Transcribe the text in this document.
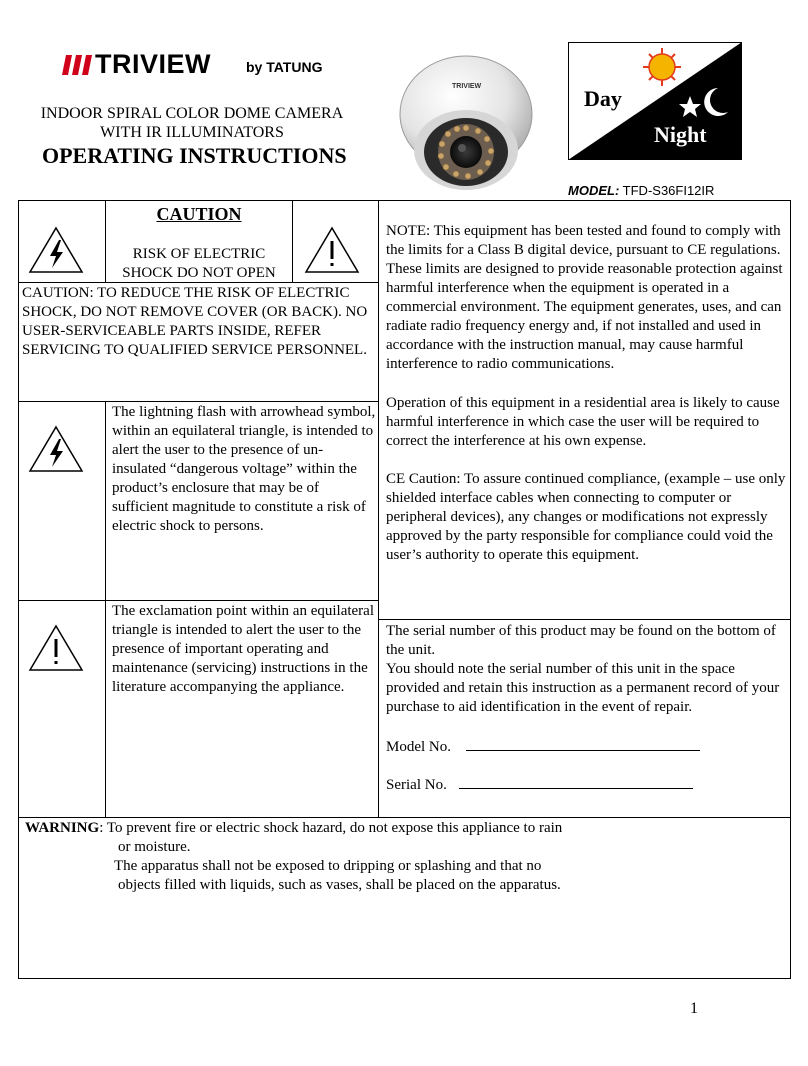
TRIVIEW	by TATUNG
INDOOR SPIRAL COLOR DOME CAMERA
WITH IR ILLUMINATORS
OPERATING INSTRUCTIONS
TRIVIEW	Day
Night
MODEL: TFD-S36FI12IR
CAUTION
RISK OF ELECTRIC SHOCK DO NOT OPEN
CAUTION: TO REDUCE THE RISK OF ELECTRIC SHOCK, DO NOT REMOVE COVER (OR BACK). NO USER-SERVICEABLE PARTS INSIDE, REFER SERVICING TO QUALIFIED SERVICE PERSONNEL.
The lightning flash with arrowhead symbol, within an equilateral triangle, is intended to alert the user to the presence of un-insulated “dangerous voltage” within the product’s enclosure that may be of sufficient magnitude to constitute a risk of electric shock to persons.
The exclamation point within an equilateral triangle is intended to alert the user to the presence of important operating and maintenance (servicing) instructions in the literature accompanying the appliance.
NOTE: This equipment has been tested and found to comply with the limits for a Class B digital device, pursuant to CE regulations. These limits are designed to provide reasonable protection against harmful interference when the equipment is operated in a commercial environment. The equipment generates, uses, and can radiate radio frequency energy and, if not installed and used in accordance with the instruction manual, may cause harmful interference to radio communications.
Operation of this equipment in a residential area is likely to cause harmful interference in which case the user will be required to correct the interference at his own expense.
CE Caution: To assure continued compliance, (example – use only shielded interface cables when connecting to computer or peripheral devices), any changes or modifications not expressly approved by the party responsible for compliance could void the user’s authority to operate this equipment.
The serial number of this product may be found on the bottom of the unit.
You should note the serial number of this unit in the space provided and retain this instruction as a permanent record of your purchase to aid identification in the event of repair.
Model No.
Serial No.
WARNING: To prevent fire or electric shock hazard, do not expose this appliance to rain
or moisture.
The apparatus shall not be exposed to dripping or splashing and that no
objects filled with liquids, such as vases, shall be placed on the apparatus.
1
